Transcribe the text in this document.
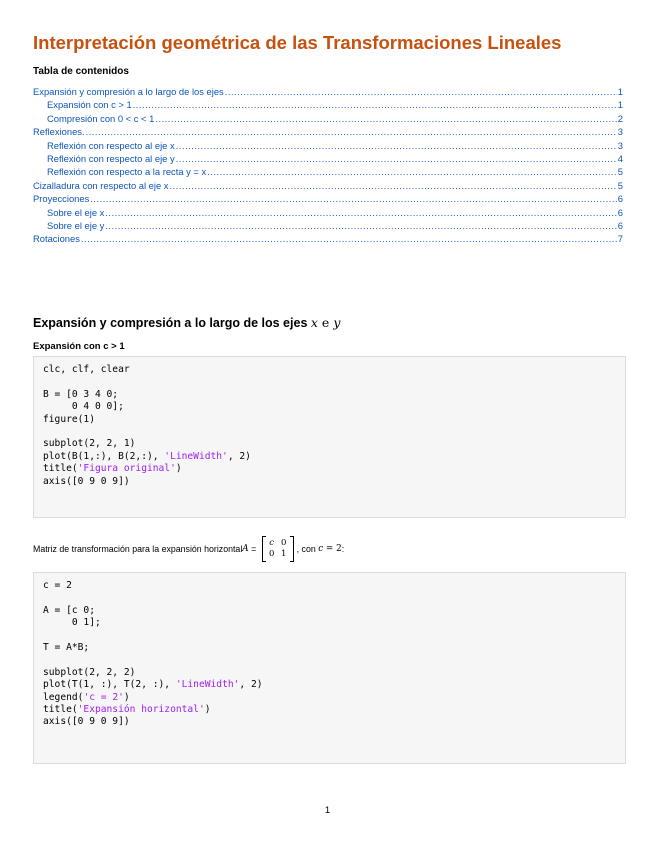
Interpretación geométrica de las Transformaciones Lineales
Tabla de contenidos
Expansión y compresión a lo largo de los ejes .....	1
Expansión con c > 1 .....	1
Compresión con 0 < c < 1 .....	2
Reflexiones. .....	3
Reflexión con respecto al eje x .....	3
Reflexión con respecto al eje y .....	4
Reflexión con respecto a la recta y = x .....	5
Cizalladura con respecto al eje x .....	5
Proyecciones .....	6
Sobre el eje x .....	6
Sobre el eje y .....	6
Rotaciones .....	7
Expansión y compresión a lo largo de los ejes x e y
Expansión con c > 1
clc, clf, clear
B = [0 3 4 0;
0 4 0 0];
figure(1)
subplot(2, 2, 1)
plot(B(1,:), B(2,:), 'LineWidth', 2)
title('Figura original')
axis([0 9 0 9])
Matriz de transformación para la expansión horizontal A =
c 0
0 1	, con c = 2 :
c = 2
A = [c 0;
0 1];
T = A*B;
subplot(2, 2, 2)
plot(T(1, :), T(2, :), 'LineWidth', 2)
legend('c = 2')
title('Expansión horizontal')
axis([0 9 0 9])

1
